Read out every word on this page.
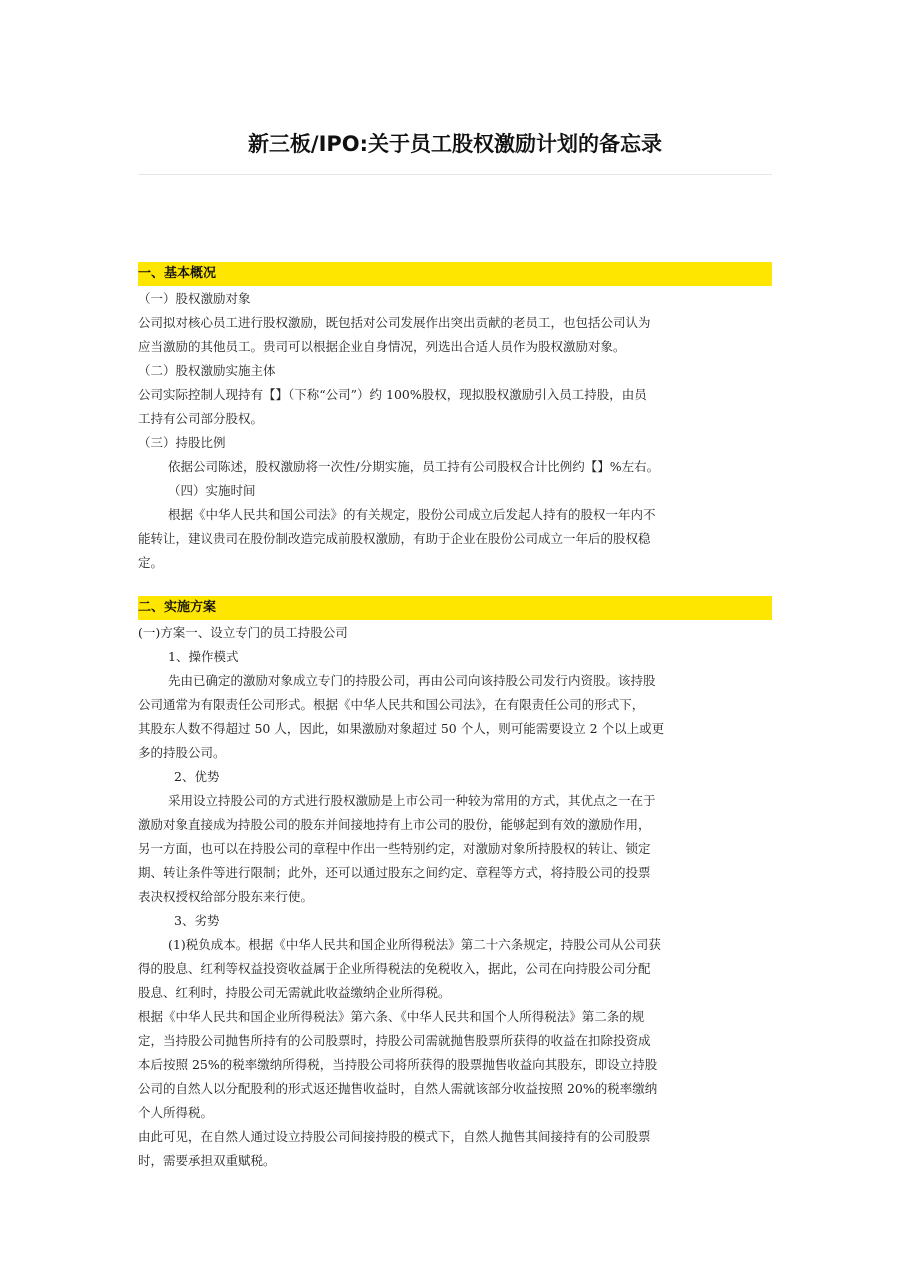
新三板/IPO:关于员工股权激励计划的备忘录
一、基本概况
（一）股权激励对象
公司拟对核心员工进行股权激励，既包括对公司发展作出突出贡献的老员工，也包括公司认为
应当激励的其他员工。贵司可以根据企业自身情况，列选出合适人员作为股权激励对象。
（二）股权激励实施主体
公司实际控制人现持有【】（下称“公司”）约 100%股权，现拟股权激励引入员工持股，由员
工持有公司部分股权。
（三）持股比例
依据公司陈述，股权激励将一次性/分期实施，员工持有公司股权合计比例约【】%左右。
（四）实施时间
根据《中华人民共和国公司法》的有关规定，股份公司成立后发起人持有的股权一年内不
能转让，建议贵司在股份制改造完成前股权激励，有助于企业在股份公司成立一年后的股权稳
定。
二、实施方案
(一)方案一、设立专门的员工持股公司
1、操作模式
先由已确定的激励对象成立专门的持股公司，再由公司向该持股公司发行内资股。该持股
公司通常为有限责任公司形式。根据《中华人民共和国公司法》，在有限责任公司的形式下，
其股东人数不得超过 50 人，因此，如果激励对象超过 50 个人，则可能需要设立 2 个以上或更
多的持股公司。
2、优势
采用设立持股公司的方式进行股权激励是上市公司一种较为常用的方式，其优点之一在于
激励对象直接成为持股公司的股东并间接地持有上市公司的股份，能够起到有效的激励作用，
另一方面，也可以在持股公司的章程中作出一些特别约定，对激励对象所持股权的转让、锁定
期、转让条件等进行限制；此外，还可以通过股东之间约定、章程等方式，将持股公司的投票
表决权授权给部分股东来行使。
3、劣势
(1)税负成本。根据《中华人民共和国企业所得税法》第二十六条规定，持股公司从公司获
得的股息、红利等权益投资收益属于企业所得税法的免税收入，据此，公司在向持股公司分配
股息、红利时，持股公司无需就此收益缴纳企业所得税。
根据《中华人民共和国企业所得税法》第六条、《中华人民共和国个人所得税法》第二条的规
定，当持股公司抛售所持有的公司股票时，持股公司需就抛售股票所获得的收益在扣除投资成
本后按照 25%的税率缴纳所得税，当持股公司将所获得的股票抛售收益向其股东，即设立持股
公司的自然人以分配股利的形式返还抛售收益时，自然人需就该部分收益按照 20%的税率缴纳
个人所得税。
由此可见，在自然人通过设立持股公司间接持股的模式下，自然人抛售其间接持有的公司股票
时，需要承担双重赋税。
